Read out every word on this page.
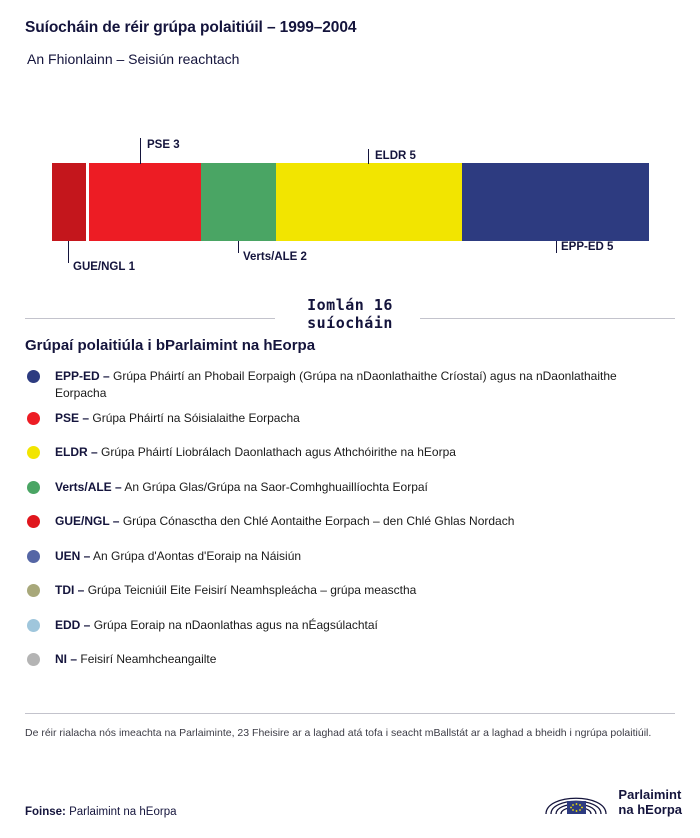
Suíocháin de réir grúpa polaitiúil – 1999–2004
An Fhionlainn – Seisiún reachtach
PSE 3
ELDR 5
GUE/NGL 1
Verts/ALE 2
EPP-ED 5
Iomlán 16
suíocháin
Grúpaí polaitiúla i bParlaimint na hEorpa
EPP-ED – Grúpa Pháirtí an Phobail Eorpaigh (Grúpa na nDaonlathaithe Críostaí) agus na nDaonlathaithe Eorpacha
PSE – Grúpa Pháirtí na Sóisialaithe Eorpacha
ELDR – Grúpa Pháirtí Liobrálach Daonlathach agus Athchóirithe na hEorpa
Verts/ALE – An Grúpa Glas/Grúpa na Saor-Comhghuaillíochta Eorpaí
GUE/NGL – Grúpa Cónasctha den Chlé Aontaithe Eorpach – den Chlé Ghlas Nordach
UEN – An Grúpa d'Aontas d'Eoraip na Náisiún
TDI – Grúpa Teicniúil Eite Feisirí Neamhspleácha – grúpa measctha
EDD – Grúpa Eoraip na nDaonlathas agus na nÉagsúlachtaí
NI – Feisirí Neamhcheangailte
De réir rialacha nós imeachta na Parlaiminte, 23 Fheisire ar a laghad atá tofa i seacht mBallstát ar a laghad a bheidh i ngrúpa polaitiúil.
Foinse: Parlaimint na hEorpa
Parlaimint
na hEorpa
